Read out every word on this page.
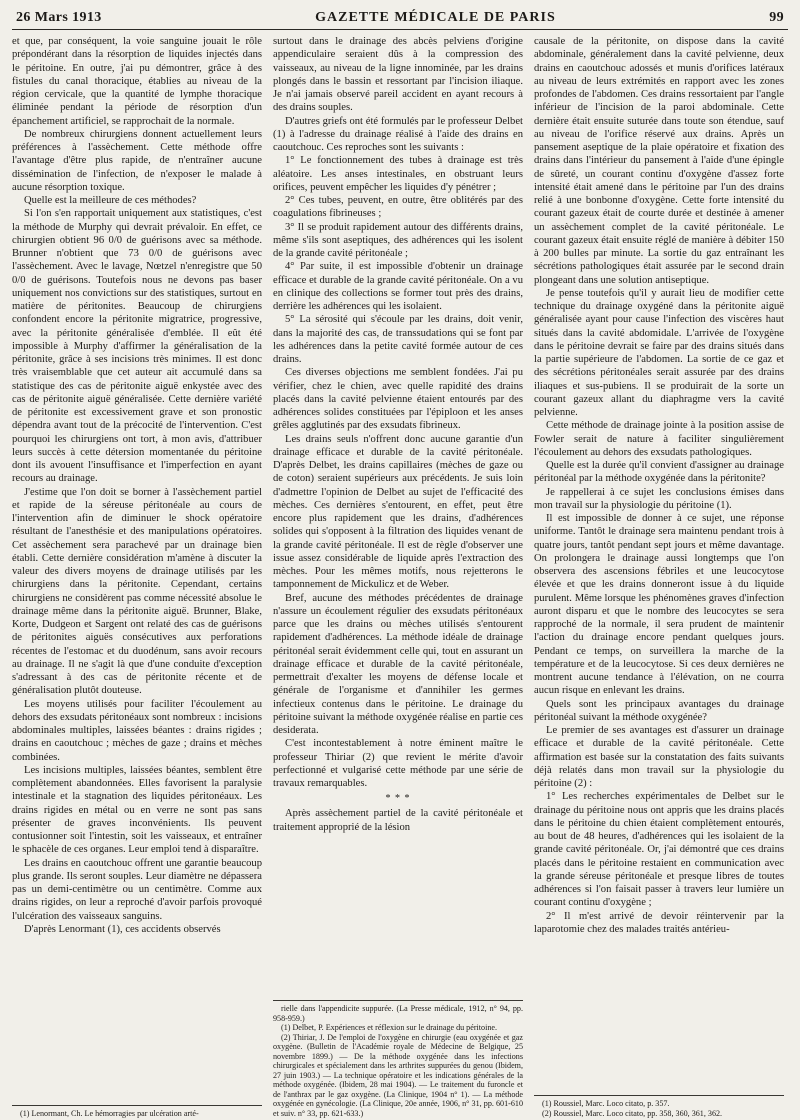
26 Mars 1913	GAZETTE MÉDICALE DE PARIS	99

et que, par conséquent, la voie sanguine jouait le rôle prépondérant dans la résorption de liquides injectés dans le péritoine. En outre, j'ai pu démontrer, grâce à des fistules du canal thoracique, établies au niveau de la région cervicale, que la quantité de lymphe thoracique éliminée pendant la période de résorption d'un épanchement artificiel, se rapprochait de la normale.

De nombreux chirurgiens donnent actuellement leurs préférences à l'assèchement. Cette méthode offre l'avantage d'être plus rapide, de n'entraîner aucune dissémination de l'infection, de n'exposer le malade à aucune résorption toxique.

Quelle est la meilleure de ces méthodes?

Si l'on s'en rapportait uniquement aux statistiques, c'est la méthode de Murphy qui devrait prévaloir. En effet, ce chirurgien obtient 96 0/0 de guérisons avec sa méthode. Brunner n'obtient que 73 0/0 de guérisons avec l'assèchement. Avec le lavage, Nœtzel n'enregistre que 50 0/0 de guérisons. Toutefois nous ne devons pas baser uniquement nos convictions sur des statistiques, surtout en matière de péritonites. Beaucoup de chirurgiens confondent encore la péritonite migratrice, progressive, avec la péritonite généralisée d'emblée. Il eût été impossible à Murphy d'affirmer la généralisation de la péritonite, grâce à ses incisions très minimes. Il est donc très vraisemblable que cet auteur ait accumulé dans sa statistique des cas de péritonite aiguë enkystée avec des cas de péritonite aiguë généralisée. Cette dernière variété de péritonite est excessivement grave et son pronostic dépendra avant tout de la précocité de l'intervention. C'est pourquoi les chirurgiens ont tort, à mon avis, d'attribuer leurs succès à cette détersion momentanée du péritoine dont ils avouent l'insuffisance et l'imperfection en ayant recours au drainage.

J'estime que l'on doit se borner à l'assèchement partiel et rapide de la séreuse péritonéale au cours de l'intervention afin de diminuer le shock opératoire résultant de l'anesthésie et des manipulations opératoires. Cet assèchement sera parachevé par un drainage bien établi. Cette dernière considération m'amène à discuter la valeur des divers moyens de drainage utilisés par les chirurgiens dans la péritonite. Cependant, certains chirurgiens ne considèrent pas comme nécessité absolue le drainage même dans la péritonite aiguë. Brunner, Blake, Korte, Dudgeon et Sargent ont relaté des cas de guérisons de péritonites aiguës consécutives aux perforations récentes de l'estomac et du duodénum, sans avoir recours au drainage. Il ne s'agit là que d'une conduite d'exception s'adressant à des cas de péritonite récente et de généralisation plutôt douteuse.

Les moyens utilisés pour faciliter l'écoulement au dehors des exsudats péritonéaux sont nombreux : incisions abdominales multiples, laissées béantes : drains rigides ; drains en caoutchouc ; mèches de gaze ; drains et mèches combinées.

Les incisions multiples, laissées béantes, semblent être complètement abandonnées. Elles favorisent la paralysie intestinale et la stagnation des liquides péritonéaux. Les drains rigides en métal ou en verre ne sont pas sans présenter de graves inconvénients. Ils peuvent contusionner soit l'intestin, soit les vaisseaux, et entraîner le sphacèle de ces organes. Leur emploi tend à disparaître.

Les drains en caoutchouc offrent une garantie beaucoup plus grande. Ils seront souples. Leur diamètre ne dépassera pas un demi-centimètre ou un centimètre. Comme aux drains rigides, on leur a reproché d'avoir parfois provoqué l'ulcération des vaisseaux sanguins.

D'après Lenormant (1), ces accidents observés

(1) Lenormant, Ch. Le hémorragies par ulcération arté-

surtout dans le drainage des abcès pelviens d'origine appendiculaire seraient dûs à la compression des vaisseaux, au niveau de la ligne innominée, par les drains plongés dans le bassin et ressortant par l'incision iliaque. Je n'ai jamais observé pareil accident en ayant recours à des drains souples.

D'autres griefs ont été formulés par le professeur Delbet (1) à l'adresse du drainage réalisé à l'aide des drains en caoutchouc. Ces reproches sont les suivants :

1° Le fonctionnement des tubes à drainage est très aléatoire. Les anses intestinales, en obstruant leurs orifices, peuvent empêcher les liquides d'y pénétrer ;

2° Ces tubes, peuvent, en outre, être oblitérés par des coagulations fibrineuses ;

3° Il se produit rapidement autour des différents drains, même s'ils sont aseptiques, des adhérences qui les isolent de la grande cavité péritonéale ;

4° Par suite, il est impossible d'obtenir un drainage efficace et durable de la grande cavité péritonéale. On a vu en clinique des collections se former tout près des drains, derrière les adhérences qui les isolaient.

5° La sérosité qui s'écoule par les drains, doit venir, dans la majorité des cas, de transsudations qui se font par les adhérences dans la petite cavité formée autour de ces drains.

Ces diverses objections me semblent fondées. J'ai pu vérifier, chez le chien, avec quelle rapidité des drains placés dans la cavité pelvienne étaient entourés par des adhérences solides constituées par l'épiploon et les anses grêles agglutinés par des exsudats fibrineux.

Les drains seuls n'offrent donc aucune garantie d'un drainage efficace et durable de la cavité péritonéale. D'après Delbet, les drains capillaires (mèches de gaze ou de coton) seraient supérieurs aux précédents. Je suis loin d'admettre l'opinion de Delbet au sujet de l'efficacité des mèches. Ces dernières s'entourent, en effet, peut être encore plus rapidement que les drains, d'adhérences solides qui s'opposent à la filtration des liquides venant de la grande cavité péritonéale. Il est de règle d'observer une issue assez considérable de liquide après l'extraction des mèches. Pour les mêmes motifs, nous rejetterons le tamponnement de Mickulicz et de Weber.

Bref, aucune des méthodes précédentes de drainage n'assure un écoulement régulier des exsudats péritonéaux parce que les drains ou mèches utilisés s'entourent rapidement d'adhérences. La méthode idéale de drainage péritonéal serait évidemment celle qui, tout en assurant un drainage efficace et durable de la cavité péritonéale, permettrait d'exalter les moyens de défense locale et générale de l'organisme et d'annihiler les germes infectieux contenus dans le péritoine. Le drainage du péritoine suivant la méthode oxygénée réalise en partie ces desiderata.

C'est incontestablement à notre éminent maître le professeur Thiriar (2) que revient le mérite d'avoir perfectionné et vulgarisé cette méthode par une série de travaux remarquables.

* * *

Après assèchement partiel de la cavité péritonéale et traitement approprié de la lésion

rielle dans l'appendicite suppurée. (La Presse médicale, 1912, n° 94, pp. 958-959.)

(1) Delbet, P. Expériences et réflexion sur le drainage du péritoine.

(2) Thiriar, J. De l'emploi de l'oxygène en chirurgie (eau oxygénée et gaz oxygène. (Bulletin de l'Académie royale de Médecine de Belgique, 25 novembre 1899.) — De la méthode oxygénée dans les infections chirurgicales et spécialement dans les arthrites suppurées du genou (Ibidem, 27 juin 1903.) — La technique opératoire et les indications générales de la méthode oxygénée. (Ibidem, 28 mai 1904). — Le traitement du furoncle et de l'anthrax par le gaz oxygène. (La Clinique, 1904 n° 1). — La méthode oxygénée en gynécologie. (La Clinique, 20e année, 1906, n° 31, pp. 601-610 et suiv. n° 33, pp. 621-633.)

causale de la péritonite, on dispose dans la cavité abdominale, généralement dans la cavité pelvienne, deux drains en caoutchouc adossés et munis d'orifices latéraux au niveau de leurs extrémités en rapport avec les zones profondes de l'abdomen. Ces drains ressortaient par l'angle inférieur de l'incision de la paroi abdominale. Cette dernière était ensuite suturée dans toute son étendue, sauf au niveau de l'orifice réservé aux drains. Après un pansement aseptique de la plaie opératoire et fixation des drains dans l'intérieur du pansement à l'aide d'une épingle de sûreté, un courant continu d'oxygène d'assez forte intensité était amené dans le péritoine par l'un des drains relié à une bonbonne d'oxygène. Cette forte intensité du courant gazeux était de courte durée et destinée à amener un assèchement complet de la cavité péritonéale. Le courant gazeux était ensuite réglé de manière à débiter 150 à 200 bulles par minute. La sortie du gaz entraînant les sécrétions pathologiques était assurée par le second drain plongeant dans une solution antiseptique.

Je pense toutefois qu'il y aurait lieu de modifier cette technique du drainage oxygéné dans la péritonite aiguë généralisée ayant pour cause l'infection des viscères haut situés dans la cavité abdomidale. L'arrivée de l'oxygène dans le péritoine devrait se faire par des drains situés dans la partie supérieure de l'abdomen. La sortie de ce gaz et des sécrétions péritonéales serait assurée par des drains iliaques et sus-pubiens. Il se produirait de la sorte un courant gazeux allant du diaphragme vers la cavité pelvienne.

Cette méthode de drainage jointe à la position assise de Fowler serait de nature à faciliter singulièrement l'écoulement au dehors des exsudats pathologiques.

Quelle est la durée qu'il convient d'assigner au drainage péritonéal par la méthode oxygénée dans la péritonite?

Je rappellerai à ce sujet les conclusions émises dans mon travail sur la physiologie du péritoine (1).

Il est impossible de donner à ce sujet, une réponse uniforme. Tantôt le drainage sera maintenu pendant trois à quatre jours, tantôt pendant sept jours et même davantage. On prolongera le drainage aussi longtemps que l'on observera des ascensions fébriles et une leucocytose élevée et que les drains donneront issue à du liquide purulent. Même lorsque les phénomènes graves d'infection auront disparu et que le nombre des leucocytes se sera rapproché de la normale, il sera prudent de maintenir l'action du drainage encore pendant quelques jours. Pendant ce temps, on surveillera la marche de la température et de la leucocytose. Si ces deux dernières ne montrent aucune tendance à l'élévation, on ne courra aucun risque en enlevant les drains.

Quels sont les principaux avantages du drainage péritonéal suivant la méthode oxygénée?

Le premier de ses avantages est d'assurer un drainage efficace et durable de la cavité péritonéale. Cette affirmation est basée sur la constatation des faits suivants déjà relatés dans mon travail sur la physiologie du péritoine (2) :

1° Les recherches expérimentales de Delbet sur le drainage du péritoine nous ont appris que les drains placés dans le péritoine du chien étaient complètement entourés, au bout de 48 heures, d'adhérences qui les isolaient de la grande cavité péritonéale. Or, j'ai démontré que ces drains placés dans le péritoine restaient en communication avec la grande séreuse péritonéale et presque libres de toutes adhérences si l'on faisait passer à travers leur lumière un courant continu d'oxygène ;

2° Il m'est arrivé de devoir réintervenir par la laparotomie chez des malades traités antérieu-

(1) Roussiel, Marc. Loco citato, p. 357.

(2) Roussiel, Marc. Loco citato, pp. 358, 360, 361, 362.
